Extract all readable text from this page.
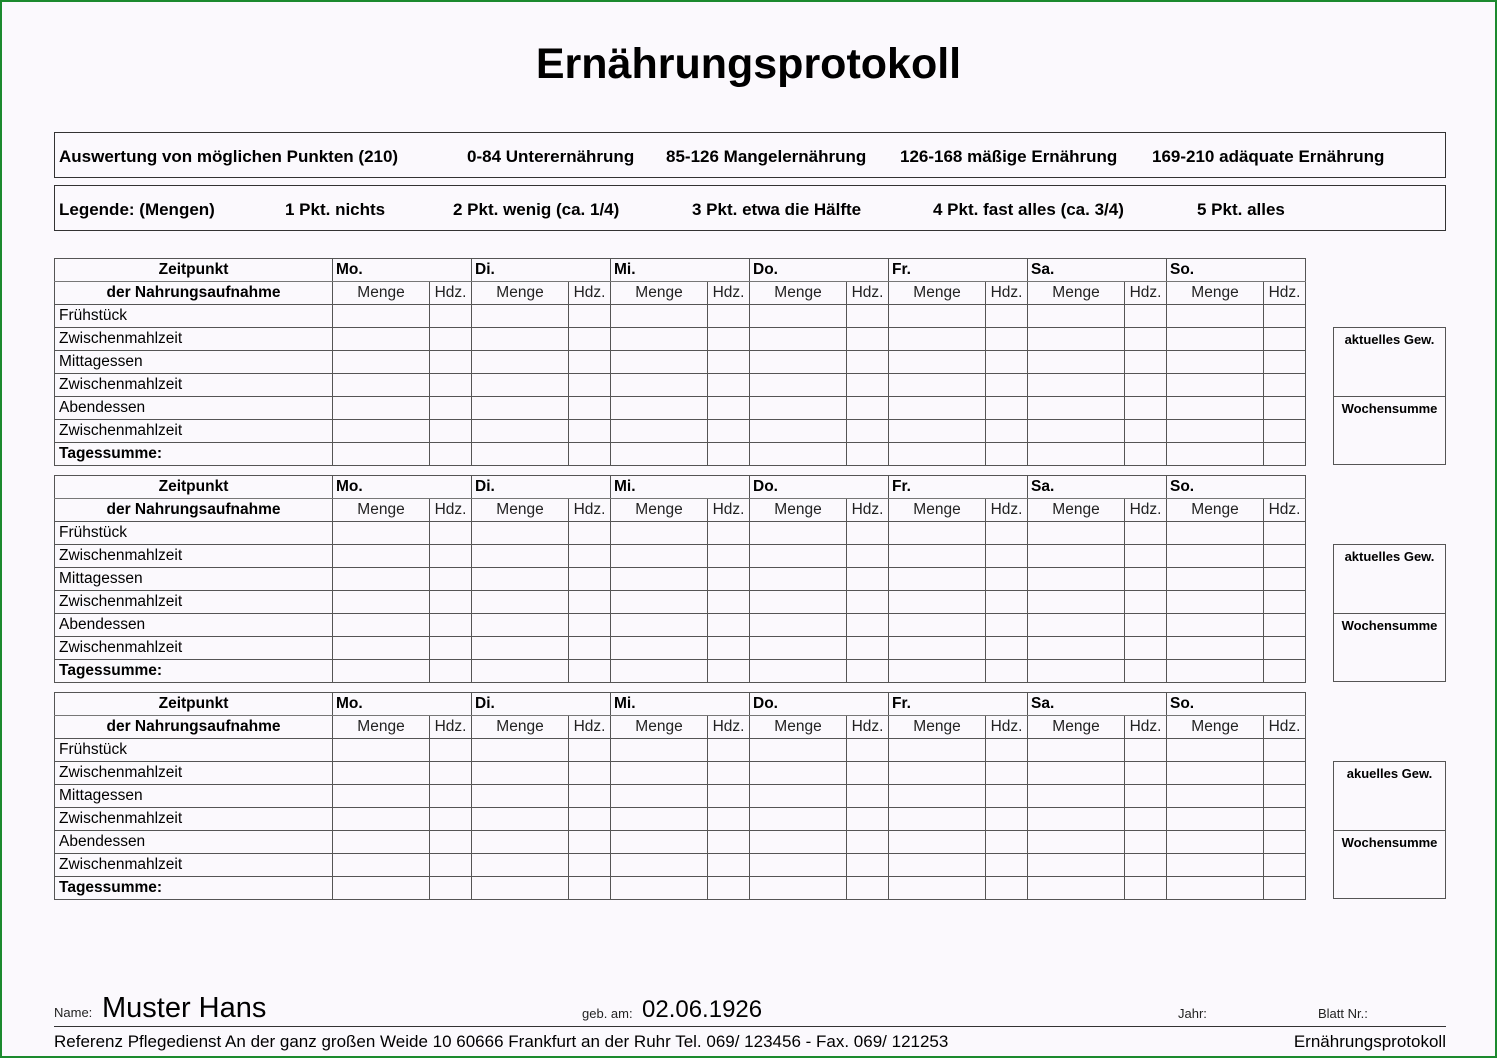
Ernährungsprotokoll
Auswertung von möglichen Punkten (210)	0-84 Unterernährung 85-126 Mangelernährung 126-168 mäßige Ernährung 169-210 adäquate Ernährung
Legende: (Mengen)	1 Pkt. nichts	2 Pkt. wenig (ca. 1/4)	3 Pkt. etwa die Hälfte	4 Pkt. fast alles (ca. 3/4)	5 Pkt. alles
Zeitpunkt	Mo.		Di.		Mi.		Do.		Fr.		Sa.		So.	
der Nahrungsaufnahme	Menge	Hdz.	Menge	Hdz.	Menge	Hdz.	Menge	Hdz.	Menge	Hdz.	Menge	Hdz.	Menge	Hdz.
Frühstück														
Zwischenmahlzeit														
Mittagessen														
Zwischenmahlzeit														
Abendessen														
Zwischenmahlzeit														
Tagessumme:														
aktuelles Gew.
Wochensumme
Zeitpunkt	Mo.		Di.		Mi.		Do.		Fr.		Sa.		So.	
der Nahrungsaufnahme	Menge	Hdz.	Menge	Hdz.	Menge	Hdz.	Menge	Hdz.	Menge	Hdz.	Menge	Hdz.	Menge	Hdz.
Frühstück														
Zwischenmahlzeit														
Mittagessen														
Zwischenmahlzeit														
Abendessen														
Zwischenmahlzeit														
Tagessumme:														
aktuelles Gew.
Wochensumme
Zeitpunkt	Mo.		Di.		Mi.		Do.		Fr.		Sa.		So.	
der Nahrungsaufnahme	Menge	Hdz.	Menge	Hdz.	Menge	Hdz.	Menge	Hdz.	Menge	Hdz.	Menge	Hdz.	Menge	Hdz.
Frühstück														
Zwischenmahlzeit														
Mittagessen														
Zwischenmahlzeit														
Abendessen														
Zwischenmahlzeit														
Tagessumme:														
akuelles Gew.
Wochensumme
Name: Muster Hans	geb. am: 02.06.1926	Jahr:	Blatt Nr.:
Referenz Pflegedienst An der ganz großen Weide 10 60666 Frankfurt an der Ruhr Tel. 069/ 123456 - Fax. 069/ 121253	Ernährungsprotokoll
